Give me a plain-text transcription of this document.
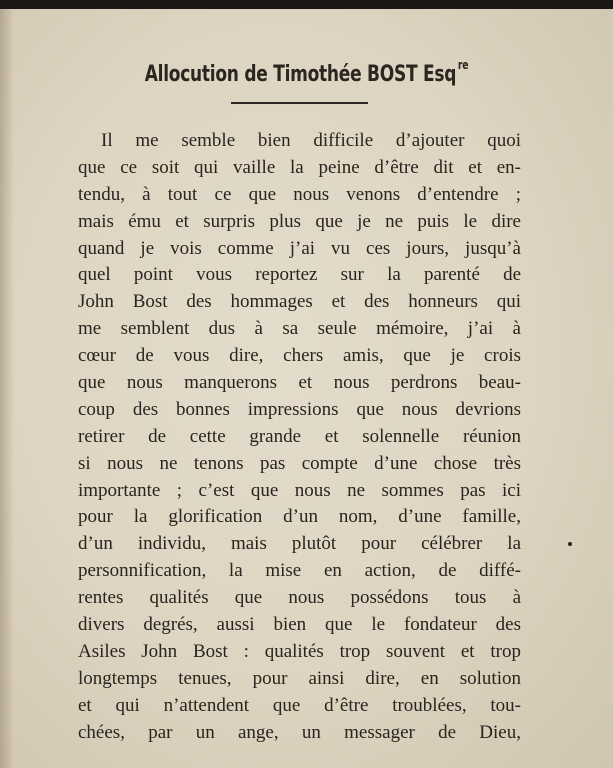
Allocution de Timothée BOST Esq $^{re}$
Il me semble bien difficile d’ajouter quoi
que ce soit qui vaille la peine d’être dit et en-
tendu, à tout ce que nous venons d’entendre ;
mais ému et surpris plus que je ne puis le dire
quand je vois comme j’ai vu ces jours, jusqu’à
quel point vous reportez sur la parenté de
John Bost des hommages et des honneurs qui
me semblent dus à sa seule mémoire, j’ai à
cœur de vous dire, chers amis, que je crois
que nous manquerons et nous perdrons beau-
coup des bonnes impressions que nous devrions
retirer de cette grande et solennelle réunion
si nous ne tenons pas compte d’une chose très
importante ; c’est que nous ne sommes pas ici
pour la glorification d’un nom, d’une famille,
d’un individu, mais plutôt pour célébrer la
personnification, la mise en action, de diffé-
rentes qualités que nous possédons tous à
divers degrés, aussi bien que le fondateur des
Asiles John Bost : qualités trop souvent et trop
longtemps tenues, pour ainsi dire, en solution
et qui n’attendent que d’être troublées, tou-
chées, par un ange, un messager de Dieu,
